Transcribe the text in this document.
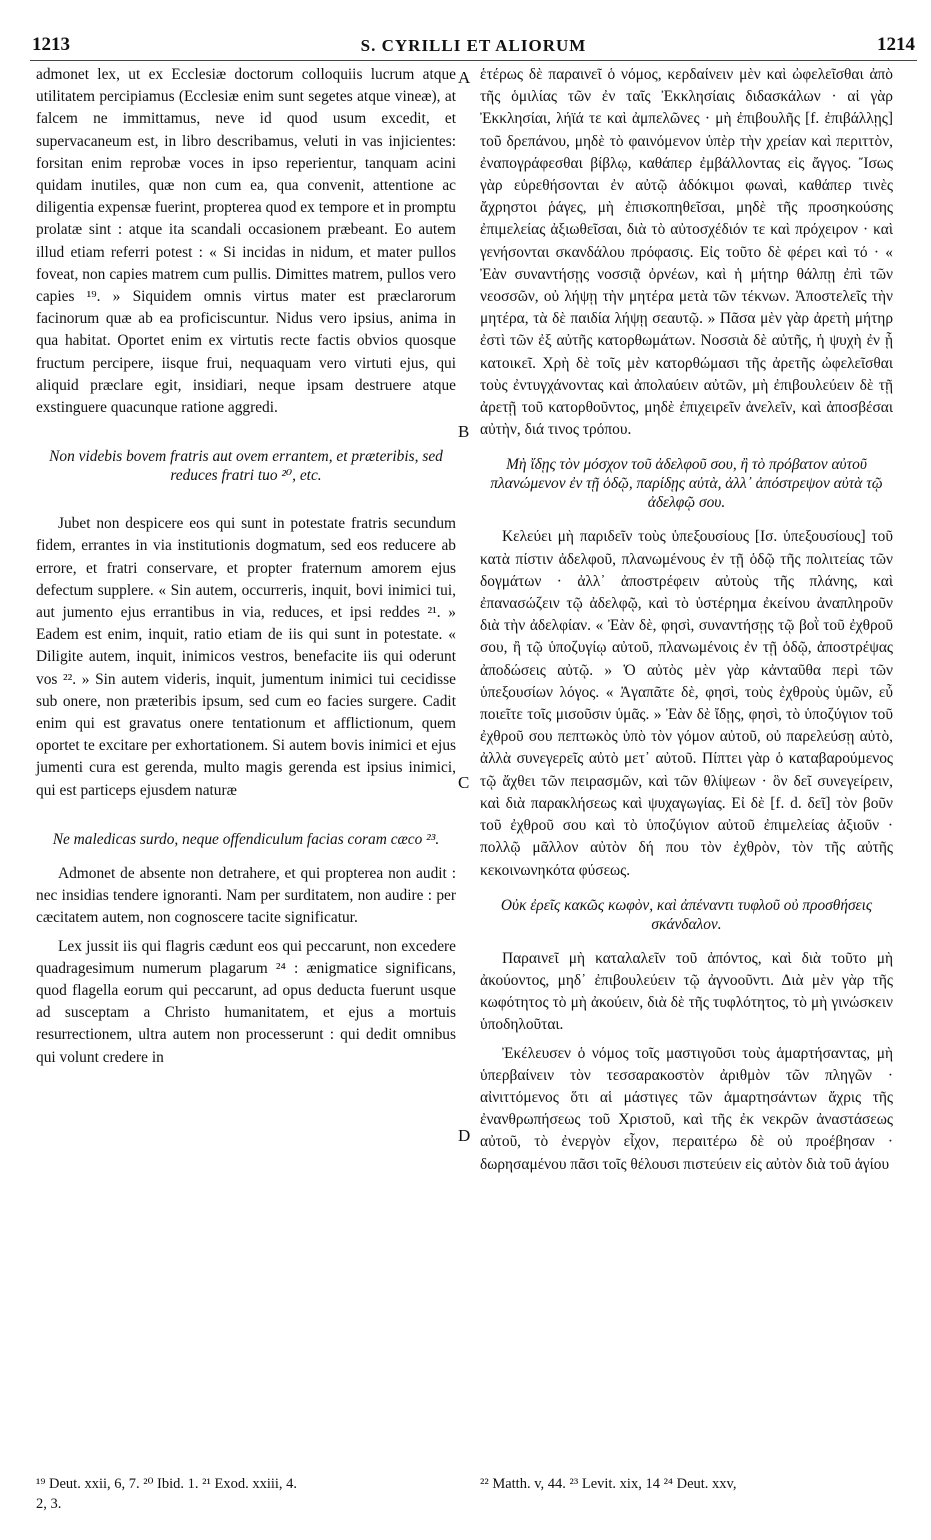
1213	S. CYRILLI ET ALIORUM	1214

admonet lex, ut ex Ecclesiæ doctorum colloquiis lucrum atque utilitatem percipiamus (Ecclesiæ enim sunt segetes atque vineæ), at falcem ne immittamus, neve id quod usum excedit, et supervacaneum est, in libro describamus, veluti in vas injicientes: forsitan enim reprobæ voces in ipso reperientur, tanquam acini quidam inutiles, quæ non cum ea, qua convenit, attentione ac diligentia expensæ fuerint, propterea quod ex tempore et in promptu prolatæ sint : atque ita scandali occasionem præbeant. Eo autem illud etiam referri potest : « Si incidas in nidum, et mater pullos foveat, non capies matrem cum pullis. Dimittes matrem, pullos vero capies ¹⁹. » Siquidem omnis virtus mater est præclarorum facinorum quæ ab ea proficiscuntur. Nidus vero ipsius, anima in qua habitat. Oportet enim ex virtutis recte factis obvios quosque fructum percipere, iisque frui, nequaquam vero virtuti ejus, qui aliquid præclare egit, insidiari, neque ipsam destruere atque exstinguere quacunque ratione aggredi.

Non videbis bovem fratris aut ovem errantem, et præteribis, sed reduces fratri tuo ²⁰, etc.

Jubet non despicere eos qui sunt in potestate fratris secundum fidem, errantes in via institutionis dogmatum, sed eos reducere ab errore, et fratri conservare, et propter fraternum amorem ejus defectum supplere. « Sin autem, occurreris, inquit, bovi inimici tui, aut jumento ejus errantibus in via, reduces, et ipsi reddes ²¹. » Eadem est enim, inquit, ratio etiam de iis qui sunt in potestate. « Diligite autem, inquit, inimicos vestros, benefacite iis qui oderunt vos ²². » Sin autem videris, inquit, jumentum inimici tui cecidisse sub onere, non præteribis ipsum, sed cum eo facies surgere. Cadit enim qui est gravatus onere tentationum et afflictionum, quem oportet te excitare per exhortationem. Si autem bovis inimici et ejus jumenti cura est gerenda, multo magis gerenda est ipsius inimici, qui est particeps ejusdem naturæ

Ne maledicas surdo, neque offendiculum facias coram cæco ²³.

Admonet de absente non detrahere, et qui propterea non audit : nec insidias tendere ignoranti. Nam per surditatem, non audire : per cæcitatem autem, non cognoscere tacite significatur.

Lex jussit iis qui flagris cædunt eos qui peccarunt, non excedere quadragesimum numerum plagarum ²⁴ : ænigmatice significans, quod flagella eorum qui peccarunt, ad opus deducta fuerunt usque ad susceptam a Christo humanitatem, et ejus a mortuis resurrectionem, ultra autem non processerunt : qui dedit omnibus qui volunt credere in

A
B
C
D

ἑτέρως δὲ παραινεῖ ὁ νόμος, κερδαίνειν μὲν καὶ ὠφελεῖσθαι ἀπὸ τῆς ὁμιλίας τῶν ἐν ταῖς Ἐκκλησίαις διδασκάλων · αἱ γὰρ Ἐκκλησίαι, λήϊά τε καὶ ἀμπελῶνες · μὴ ἐπιβουλῆς [f. ἐπιβάλλῃς] τοῦ δρεπάνου, μηδὲ τὸ φαινόμενον ὑπὲρ τὴν χρείαν καὶ περιττὸν, ἐναπογράφεσθαι βίβλῳ, καθάπερ ἐμβάλλοντας εἰς ἄγγος. Ἴσως γὰρ εὑρεθήσονται ἐν αὐτῷ ἀδόκιμοι φωναὶ, καθάπερ τινὲς ἄχρηστοι ῥάγες, μὴ ἐπισκοπηθεῖσαι, μηδὲ τῆς προσηκούσης ἐπιμελείας ἀξιωθεῖσαι, διὰ τὸ αὐτοσχέδιόν τε καὶ πρόχειρον · καὶ γενήσονται σκανδάλου πρόφασις. Εἰς τοῦτο δὲ φέρει καὶ τό · « Ἐὰν συναντήσῃς νοσσιᾷ ὀρνέων, καὶ ἡ μήτηρ θάλπῃ ἐπὶ τῶν νεοσσῶν, οὐ λήψῃ τὴν μητέρα μετὰ τῶν τέκνων. Ἀποστελεῖς τὴν μητέρα, τὰ δὲ παιδία λήψῃ σεαυτῷ. » Πᾶσα μὲν γὰρ ἀρετὴ μήτηρ ἐστὶ τῶν ἐξ αὐτῆς κατορθωμάτων. Νοσσιὰ δὲ αὐτῆς, ἡ ψυχὴ ἐν ᾗ κατοικεῖ. Χρὴ δὲ τοῖς μὲν κατορθώμασι τῆς ἀρετῆς ὠφελεῖσθαι τοὺς ἐντυγχάνοντας καὶ ἀπολαύειν αὐτῶν, μὴ ἐπιβουλεύειν δὲ τῇ ἀρετῇ τοῦ κατορθοῦντος, μηδὲ ἐπιχειρεῖν ἀνελεῖν, καὶ ἀποσβέσαι αὐτὴν, διά τινος τρόπου.

Μὴ ἴδῃς τὸν μόσχον τοῦ ἀδελφοῦ σου, ἢ τὸ πρόβατον αὐτοῦ πλανώμενον ἐν τῇ ὁδῷ, παρίδῃς αὐτὰ, ἀλλ᾽ ἀπόστρεψον αὐτὰ τῷ ἀδελφῷ σου.

Κελεύει μὴ παριδεῖν τοὺς ὑπεξουσίους [Ισ. ὑπεξουσίους] τοῦ κατὰ πίστιν ἀδελφοῦ, πλανωμένους ἐν τῇ ὁδῷ τῆς πολιτείας τῶν δογμάτων · ἀλλ᾽ ἀποστρέφειν αὐτοὺς τῆς πλάνης, καὶ ἐπανασώζειν τῷ ἀδελφῷ, καὶ τὸ ὑστέρημα ἐκείνου ἀναπληροῦν διὰ τὴν ἀδελφίαν. « Ἐὰν δὲ, φησὶ, συναντήσῃς τῷ βοῒ τοῦ ἐχθροῦ σου, ἢ τῷ ὑποζυγίῳ αὐτοῦ, πλανωμένοις ἐν τῇ ὁδῷ, ἀποστρέψας ἀποδώσεις αὐτῷ. » Ὁ αὐτὸς μὲν γὰρ κἀνταῦθα περὶ τῶν ὑπεξουσίων λόγος. « Ἀγαπᾶτε δὲ, φησὶ, τοὺς ἐχθροὺς ὑμῶν, εὖ ποιεῖτε τοῖς μισοῦσιν ὑμᾶς. » Ἐὰν δὲ ἴδῃς, φησὶ, τὸ ὑποζύγιον τοῦ ἐχθροῦ σου πεπτωκὸς ὑπὸ τὸν γόμον αὐτοῦ, οὐ παρελεύσῃ αὐτὸ, ἀλλὰ συνεγερεῖς αὐτὸ μετ᾽ αὐτοῦ. Πίπτει γὰρ ὁ καταβαρούμενος τῷ ἄχθει τῶν πειρασμῶν, καὶ τῶν θλίψεων · ὃν δεῖ συνεγείρειν, καὶ διὰ παρακλήσεως καὶ ψυχαγωγίας. Εἰ δὲ [f. d. δεῖ] τὸν βοῦν τοῦ ἐχθροῦ σου καὶ τὸ ὑποζύγιον αὐτοῦ ἐπιμελείας ἀξιοῦν · πολλῷ μᾶλλον αὐτὸν δή που τὸν ἐχθρὸν, τὸν τῆς αὐτῆς κεκοινωνηκότα φύσεως.

Οὐκ ἐρεῖς κακῶς κωφὸν, καὶ ἀπέναντι τυφλοῦ οὐ προσθήσεις σκάνδαλον.

Παραινεῖ μὴ καταλαλεῖν τοῦ ἀπόντος, καὶ διὰ τοῦτο μὴ ἀκούοντος, μηδ᾽ ἐπιβουλεύειν τῷ ἀγνοοῦντι. Διὰ μὲν γὰρ τῆς κωφότητος τὸ μὴ ἀκούειν, διὰ δὲ τῆς τυφλότητος, τὸ μὴ γινώσκειν ὑποδηλοῦται.

Ἐκέλευσεν ὁ νόμος τοῖς μαστιγοῦσι τοὺς ἁμαρτήσαντας, μὴ ὑπερβαίνειν τὸν τεσσαρακοστὸν ἀριθμὸν τῶν πληγῶν · αἰνιττόμενος ὅτι αἱ μάστιγες τῶν ἁμαρτησάντων ἄχρις τῆς ἐνανθρωπήσεως τοῦ Χριστοῦ, καὶ τῆς ἐκ νεκρῶν ἀναστάσεως αὐτοῦ, τὸ ἐνεργὸν εἶχον, περαιτέρω δὲ οὐ προέβησαν · δωρησαμένου πᾶσι τοῖς θέλουσι πιστεύειν εἰς αὐτὸν διὰ τοῦ ἁγίου

¹⁹ Deut. xxii, 6, 7. ²⁰ Ibid. 1. ²¹ Exod. xxiii, 4.
2, 3.
²² Matth. v, 44. ²³ Levit. xix, 14 ²⁴ Deut. xxv,
